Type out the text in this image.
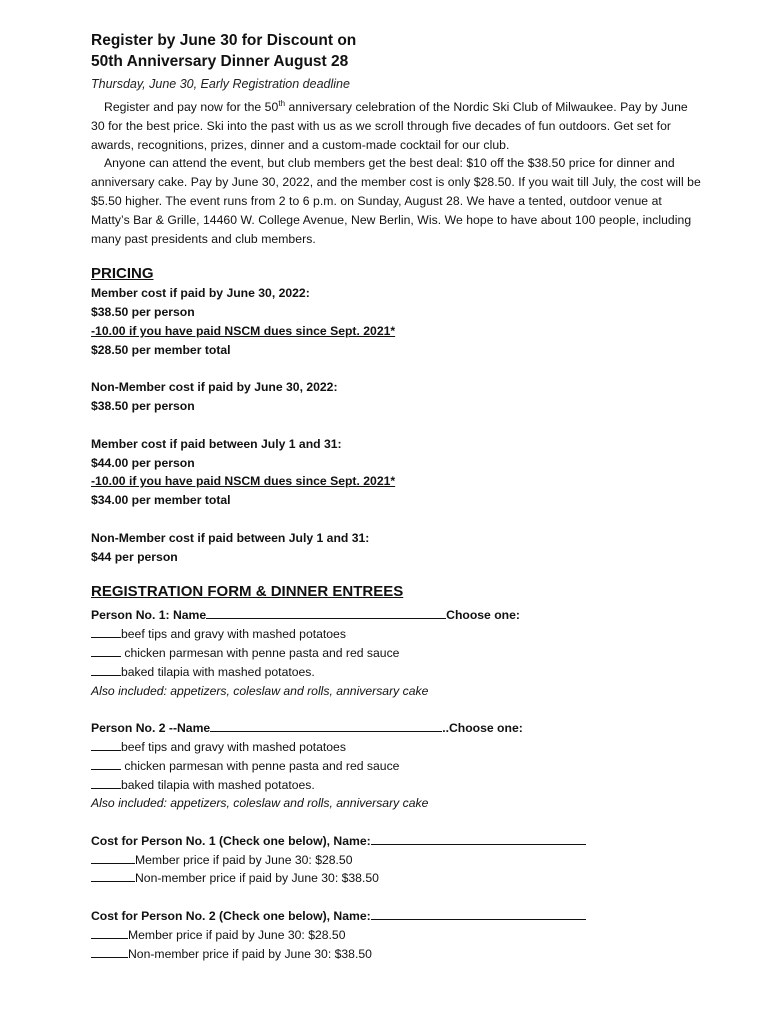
Register by June 30 for Discount on
50th Anniversary Dinner August 28
Thursday, June 30, Early Registration deadline

Register and pay now for the 50th anniversary celebration of the Nordic Ski Club of Milwaukee. Pay by June 30 for the best price. Ski into the past with us as we scroll through five decades of fun outdoors. Get set for awards, recognitions, prizes, dinner and a custom-made cocktail for our club.

Anyone can attend the event, but club members get the best deal: $10 off the $38.50 price for dinner and anniversary cake. Pay by June 30, 2022, and the member cost is only $28.50. If you wait till July, the cost will be $5.50 higher. The event runs from 2 to 6 p.m. on Sunday, August 28. We have a tented, outdoor venue at Matty’s Bar & Grille, 14460 W. College Avenue, New Berlin, Wis. We hope to have about 100 people, including many past presidents and club members.

PRICING
Member cost if paid by June 30, 2022:
$38.50 per person
-10.00 if you have paid NSCM dues since Sept. 2021*
$28.50 per member total
Non-Member cost if paid by June 30, 2022:
$38.50 per person
Member cost if paid between July 1 and 31:
$44.00 per person
-10.00 if you have paid NSCM dues since Sept. 2021*
$34.00 per member total
Non-Member cost if paid between July 1 and 31:
$44 per person
REGISTRATION FORM & DINNER ENTREES
Person No. 1: Name	Choose one:
beef tips and gravy with mashed potatoes
chicken parmesan with penne pasta and red sauce
baked tilapia with mashed potatoes.
Also included: appetizers, coleslaw and rolls, anniversary cake
Person No. 2 --Name	..Choose one:
beef tips and gravy with mashed potatoes
chicken parmesan with penne pasta and red sauce
baked tilapia with mashed potatoes.
Also included: appetizers, coleslaw and rolls, anniversary cake
Cost for Person No. 1 (Check one below), Name:
Member price if paid by June 30: $28.50
Non-member price if paid by June 30: $38.50
Cost for Person No. 2 (Check one below), Name:
Member price if paid by June 30: $28.50
Non-member price if paid by June 30: $38.50
